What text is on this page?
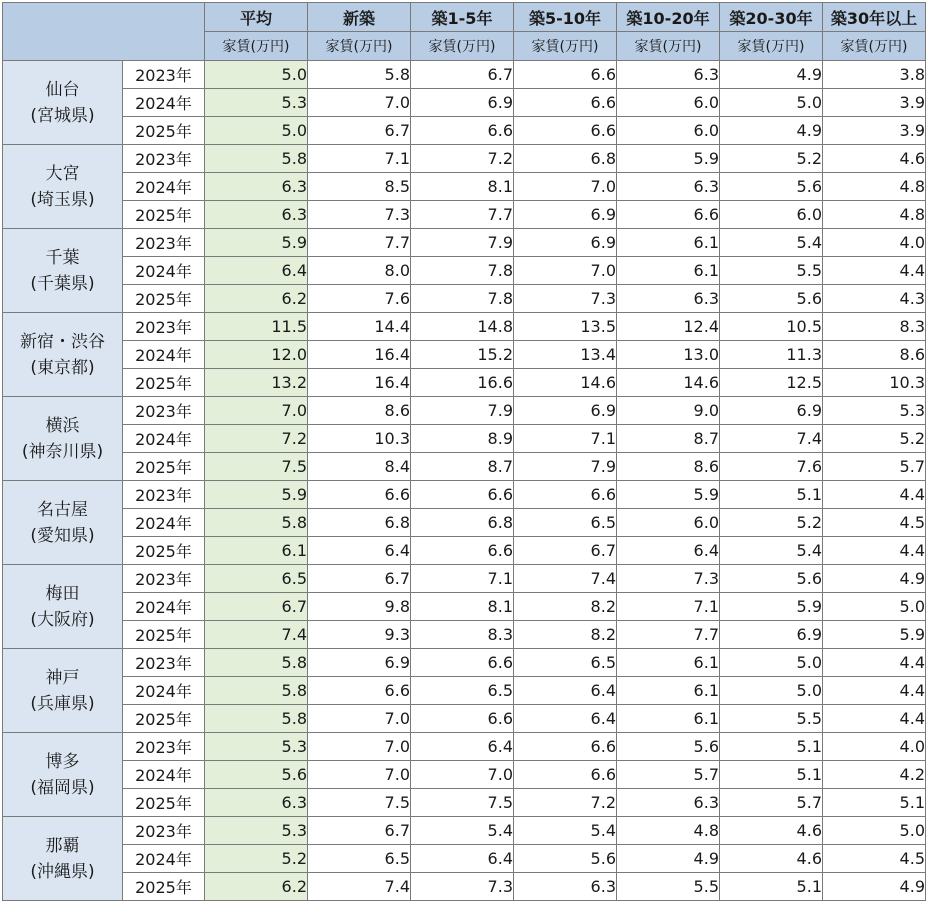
		平均	新築	築1-5年	築5-10年	築10-20年	築20-30年	築30年以上
		家賃(万円)	家賃(万円)	家賃(万円)	家賃(万円)	家賃(万円)	家賃(万円)	家賃(万円)

仙台
(宮城県)	2023年	5.0	5.8	6.7	6.6	6.3	4.9	3.8
	2024年	5.3	7.0	6.9	6.6	6.0	5.0	3.9
	2025年	5.0	6.7	6.6	6.6	6.0	4.9	3.9

大宮
(埼玉県)	2023年	5.8	7.1	7.2	6.8	5.9	5.2	4.6
	2024年	6.3	8.5	8.1	7.0	6.3	5.6	4.8
	2025年	6.3	7.3	7.7	6.9	6.6	6.0	4.8

千葉
(千葉県)	2023年	5.9	7.7	7.9	6.9	6.1	5.4	4.0
	2024年	6.4	8.0	7.8	7.0	6.1	5.5	4.4
	2025年	6.2	7.6	7.8	7.3	6.3	5.6	4.3

新宿・渋谷
(東京都)	2023年	11.5	14.4	14.8	13.5	12.4	10.5	8.3
	2024年	12.0	16.4	15.2	13.4	13.0	11.3	8.6
	2025年	13.2	16.4	16.6	14.6	14.6	12.5	10.3

横浜
(神奈川県)	2023年	7.0	8.6	7.9	6.9	9.0	6.9	5.3
	2024年	7.2	10.3	8.9	7.1	8.7	7.4	5.2
	2025年	7.5	8.4	8.7	7.9	8.6	7.6	5.7

名古屋
(愛知県)	2023年	5.9	6.6	6.6	6.6	5.9	5.1	4.4
	2024年	5.8	6.8	6.8	6.5	6.0	5.2	4.5
	2025年	6.1	6.4	6.6	6.7	6.4	5.4	4.4

梅田
(大阪府)	2023年	6.5	6.7	7.1	7.4	7.3	5.6	4.9
	2024年	6.7	9.8	8.1	8.2	7.1	5.9	5.0
	2025年	7.4	9.3	8.3	8.2	7.7	6.9	5.9

神戸
(兵庫県)	2023年	5.8	6.9	6.6	6.5	6.1	5.0	4.4
	2024年	5.8	6.6	6.5	6.4	6.1	5.0	4.4
	2025年	5.8	7.0	6.6	6.4	6.1	5.5	4.4

博多
(福岡県)	2023年	5.3	7.0	6.4	6.6	5.6	5.1	4.0
	2024年	5.6	7.0	7.0	6.6	5.7	5.1	4.2
	2025年	6.3	7.5	7.5	7.2	6.3	5.7	5.1

那覇
(沖縄県)	2023年	5.3	6.7	5.4	5.4	4.8	4.6	5.0
	2024年	5.2	6.5	6.4	5.6	4.9	4.6	4.5
	2025年	6.2	7.4	7.3	6.3	5.5	5.1	4.9
